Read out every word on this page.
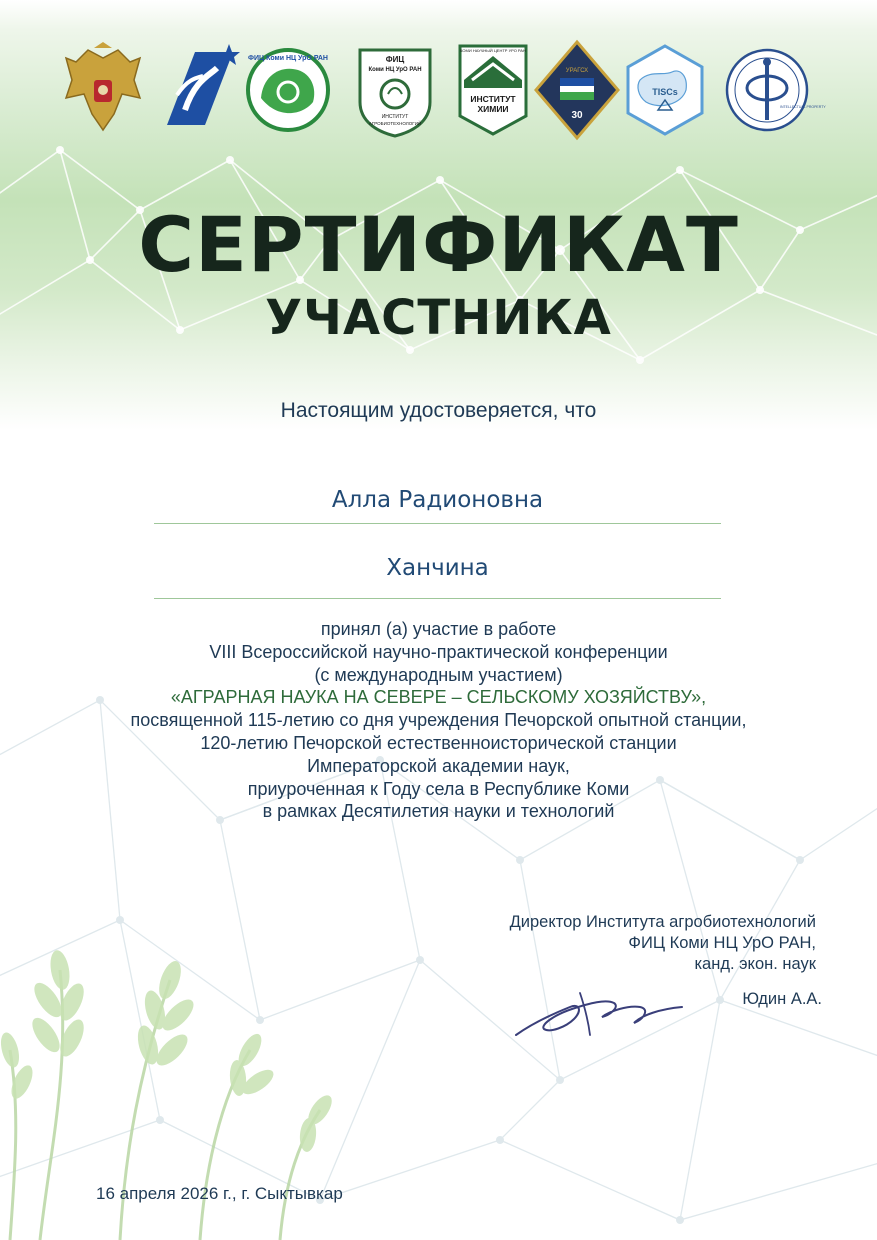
ФИЦ Коми НЦ УрО РАН	ФИЦ
Коми НЦ УрО РАН
ИНСТИТУТ
АГРОБИОТЕХНОЛОГИЙ
КОМИ НАУЧНЫЙ ЦЕНТР УРО РАН
ИНСТИТУТ
ХИМИИ
УРАГСХ
30
TISCs
INTELLECTUAL PROPERTY
СЕРТИФИКАТ
УЧАСТНИКА
Настоящим удостоверяется, что
Алла Радионовна
Ханчина
принял (а) участие в работе
VIII Всероссийской научно-практической конференции
(с международным участием)
«АГРАРНАЯ НАУКА НА СЕВЕРЕ – СЕЛЬСКОМУ ХОЗЯЙСТВУ»,
посвященной 115-летию со дня учреждения Печорской опытной станции,
120-летию Печорской естественноисторической станции
Императорской академии наук,
приуроченная к Году села в Республике Коми
в рамках Десятилетия науки и технологий
Директор Института агробиотехнологий
ФИЦ Коми НЦ УрО РАН,
канд. экон. наук
Юдин А.А.
16 апреля 2026 г., г. Сыктывкар
